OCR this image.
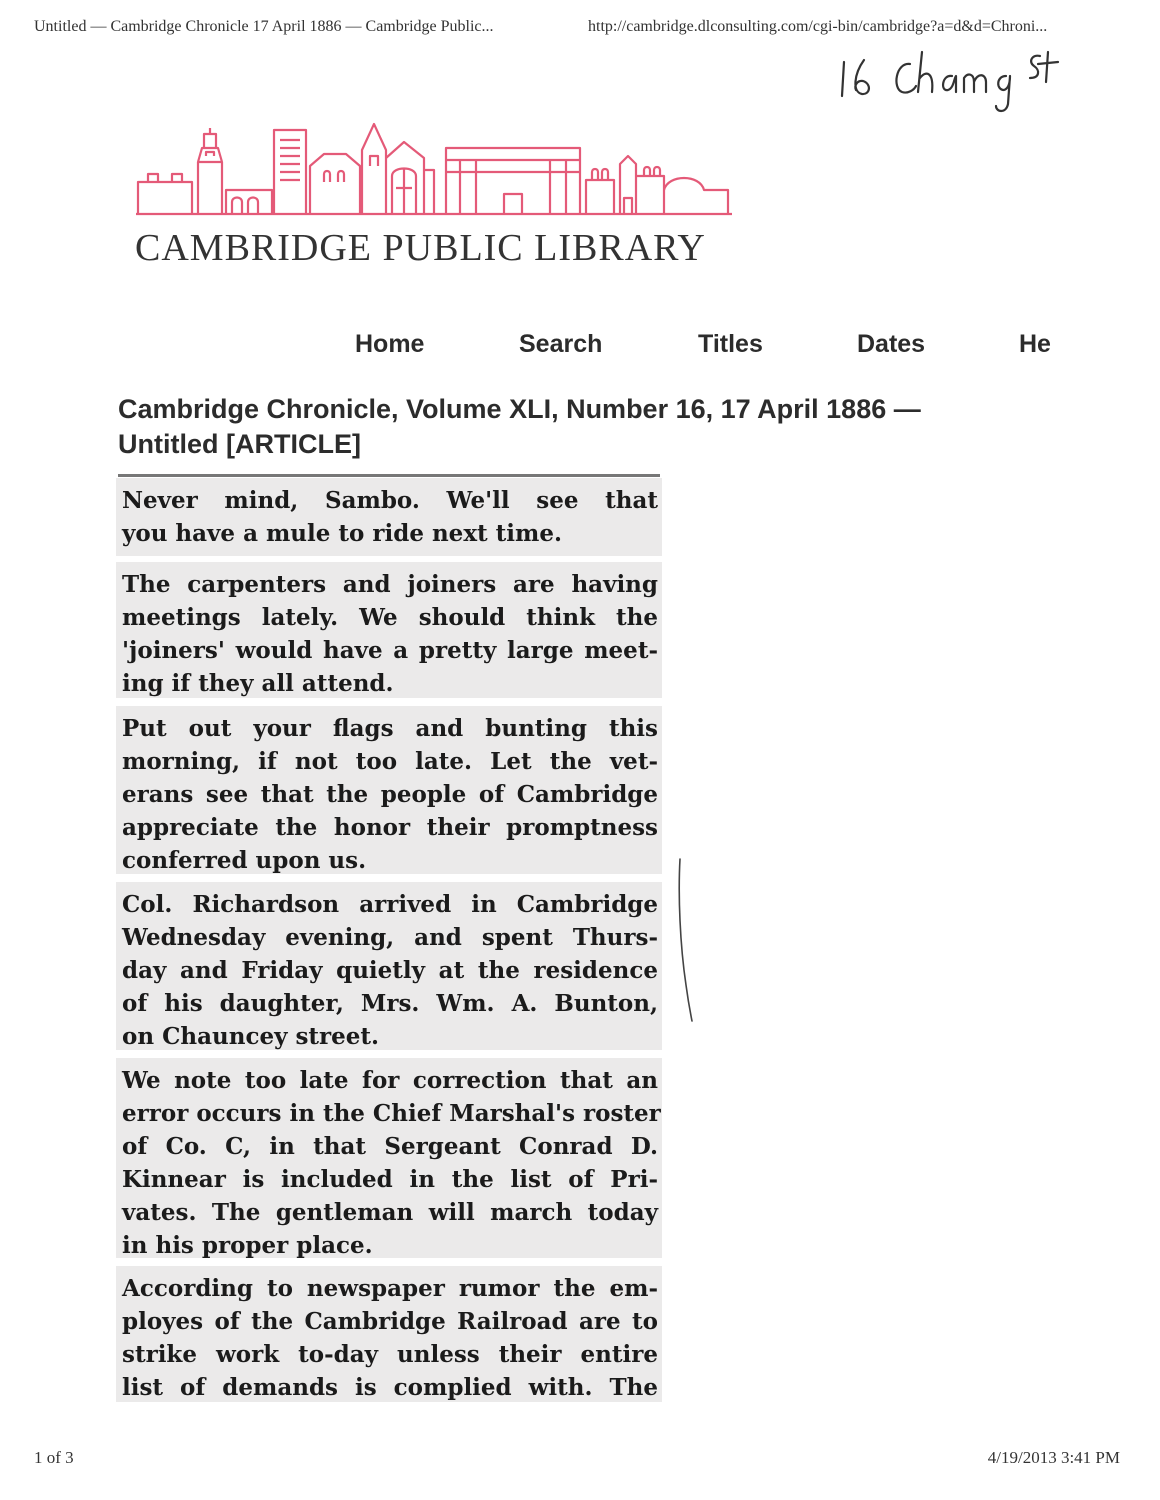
Untitled — Cambridge Chronicle 17 April 1886 — Cambridge Public...	http://cambridge.dlconsulting.com/cgi-bin/cambridge?a=d&d=Chroni...
CAMBRIDGE PUBLIC LIBRARY
Home	Search	Titles	Dates	He
Cambridge Chronicle, Volume XLI, Number 16, 17 April 1886 —
Untitled [ARTICLE]
Never mind, Sambo. We'll see that
you have a mule to ride next time.
The carpenters and joiners are having
meetings lately. We should think the
'joiners' would have a pretty large meet-
ing if they all attend.
Put out your flags and bunting this
morning, if not too late. Let the vet-
erans see that the people of Cambridge
appreciate the honor their promptness
conferred upon us.
Col. Richardson arrived in Cambridge
Wednesday evening, and spent Thurs-
day and Friday quietly at the residence
of his daughter, Mrs. Wm. A. Bunton,
on Chauncey street.
We note too late for correction that an
error occurs in the Chief Marshal's roster
of Co. C, in that Sergeant Conrad D.
Kinnear is included in the list of Pri-
vates. The gentleman will march today
in his proper place.
According to newspaper rumor the em-
ployes of the Cambridge Railroad are to
strike work to-day unless their entire
list of demands is complied with. The
1 of 3	4/19/2013 3:41 PM
